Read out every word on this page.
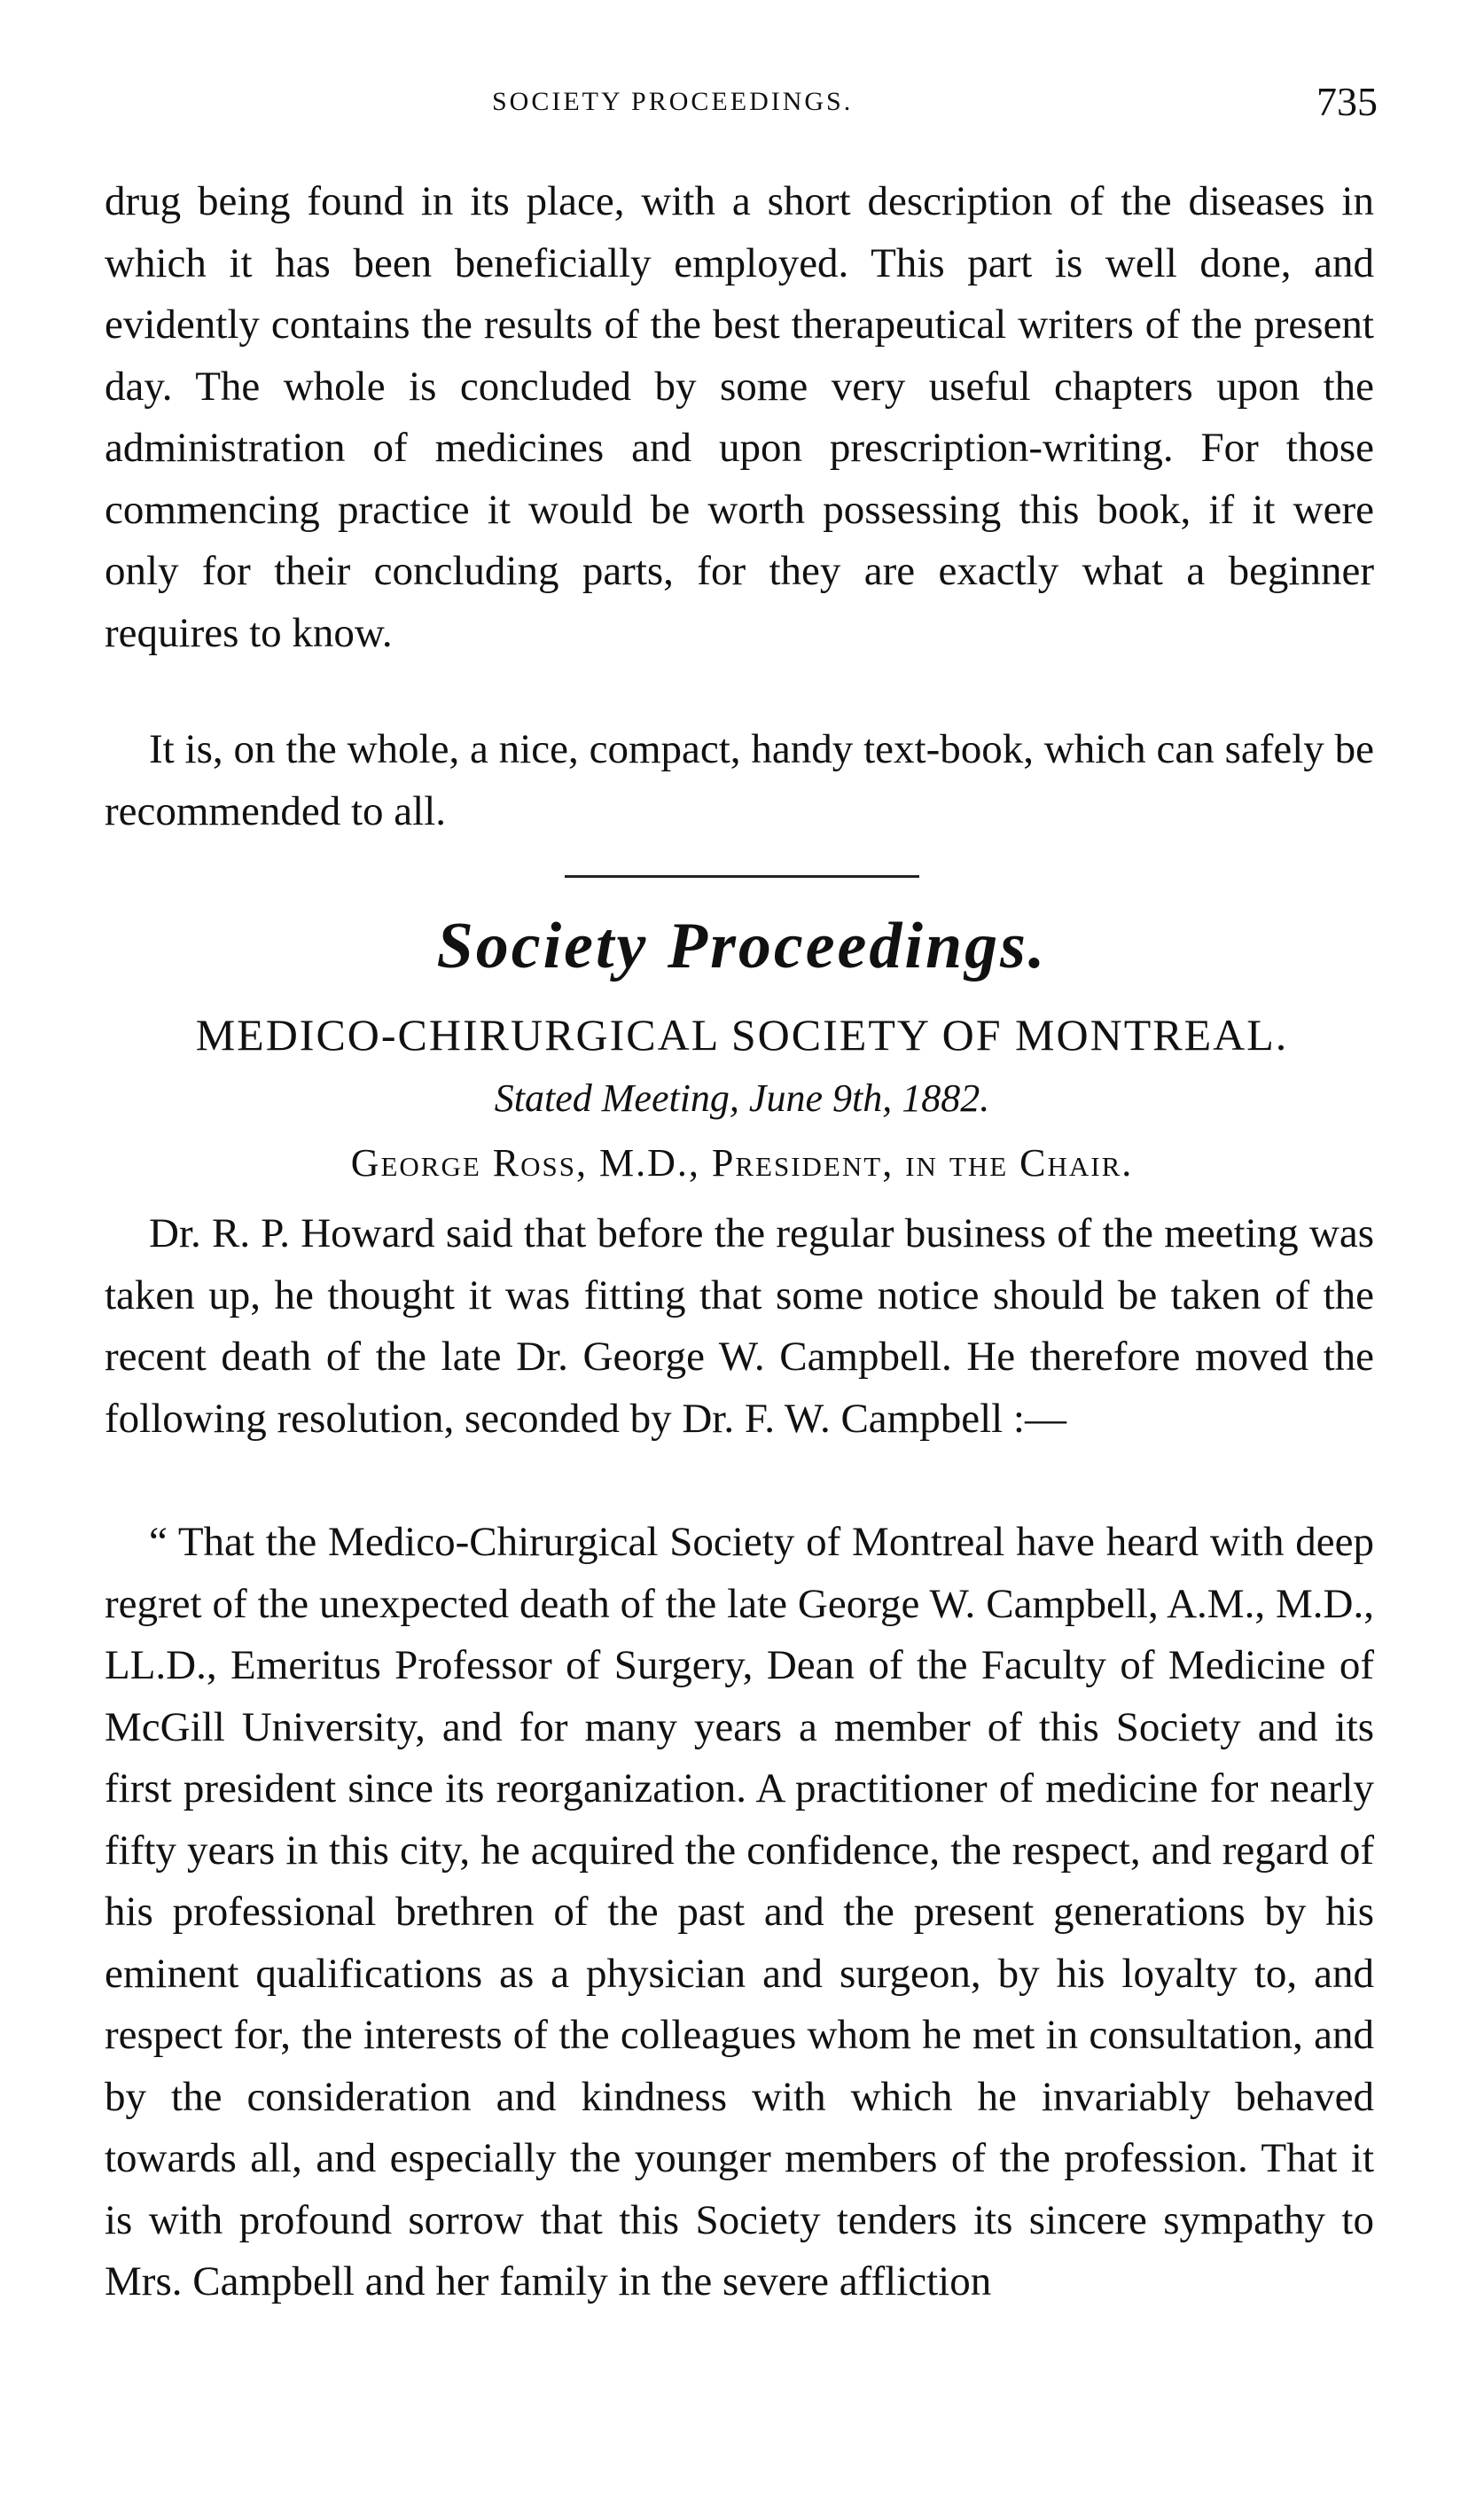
SOCIETY PROCEEDINGS.	735

drug being found in its place, with a short description of the diseases in which it has been beneficially employed. This part is well done, and evidently contains the results of the best therapeutical writers of the present day. The whole is concluded by some very useful chapters upon the administration of medicines and upon prescription-writing. For those commencing practice it would be worth possessing this book, if it were only for their concluding parts, for they are exactly what a beginner requires to know.

It is, on the whole, a nice, compact, handy text-book, which can safely be recommended to all.

Society Proceedings.
MEDICO-CHIRURGICAL SOCIETY OF MONTREAL.
Stated Meeting, June 9th, 1882.
George Ross, M.D., President, in the Chair.

Dr. R. P. Howard said that before the regular business of the meeting was taken up, he thought it was fitting that some notice should be taken of the recent death of the late Dr. George W. Campbell. He therefore moved the following resolution, seconded by Dr. F. W. Campbell :—

“ That the Medico-Chirurgical Society of Montreal have heard with deep regret of the unexpected death of the late George W. Campbell, A.M., M.D., LL.D., Emeritus Professor of Surgery, Dean of the Faculty of Medicine of McGill University, and for many years a member of this Society and its first president since its reorganization. A practitioner of medicine for nearly fifty years in this city, he acquired the confidence, the respect, and regard of his professional brethren of the past and the present generations by his eminent qualifications as a physician and surgeon, by his loyalty to, and respect for, the interests of the colleagues whom he met in consultation, and by the consideration and kindness with which he invariably behaved towards all, and especially the younger members of the profession. That it is with profound sorrow that this Society tenders its sincere sympathy to Mrs. Campbell and her family in the severe affliction
